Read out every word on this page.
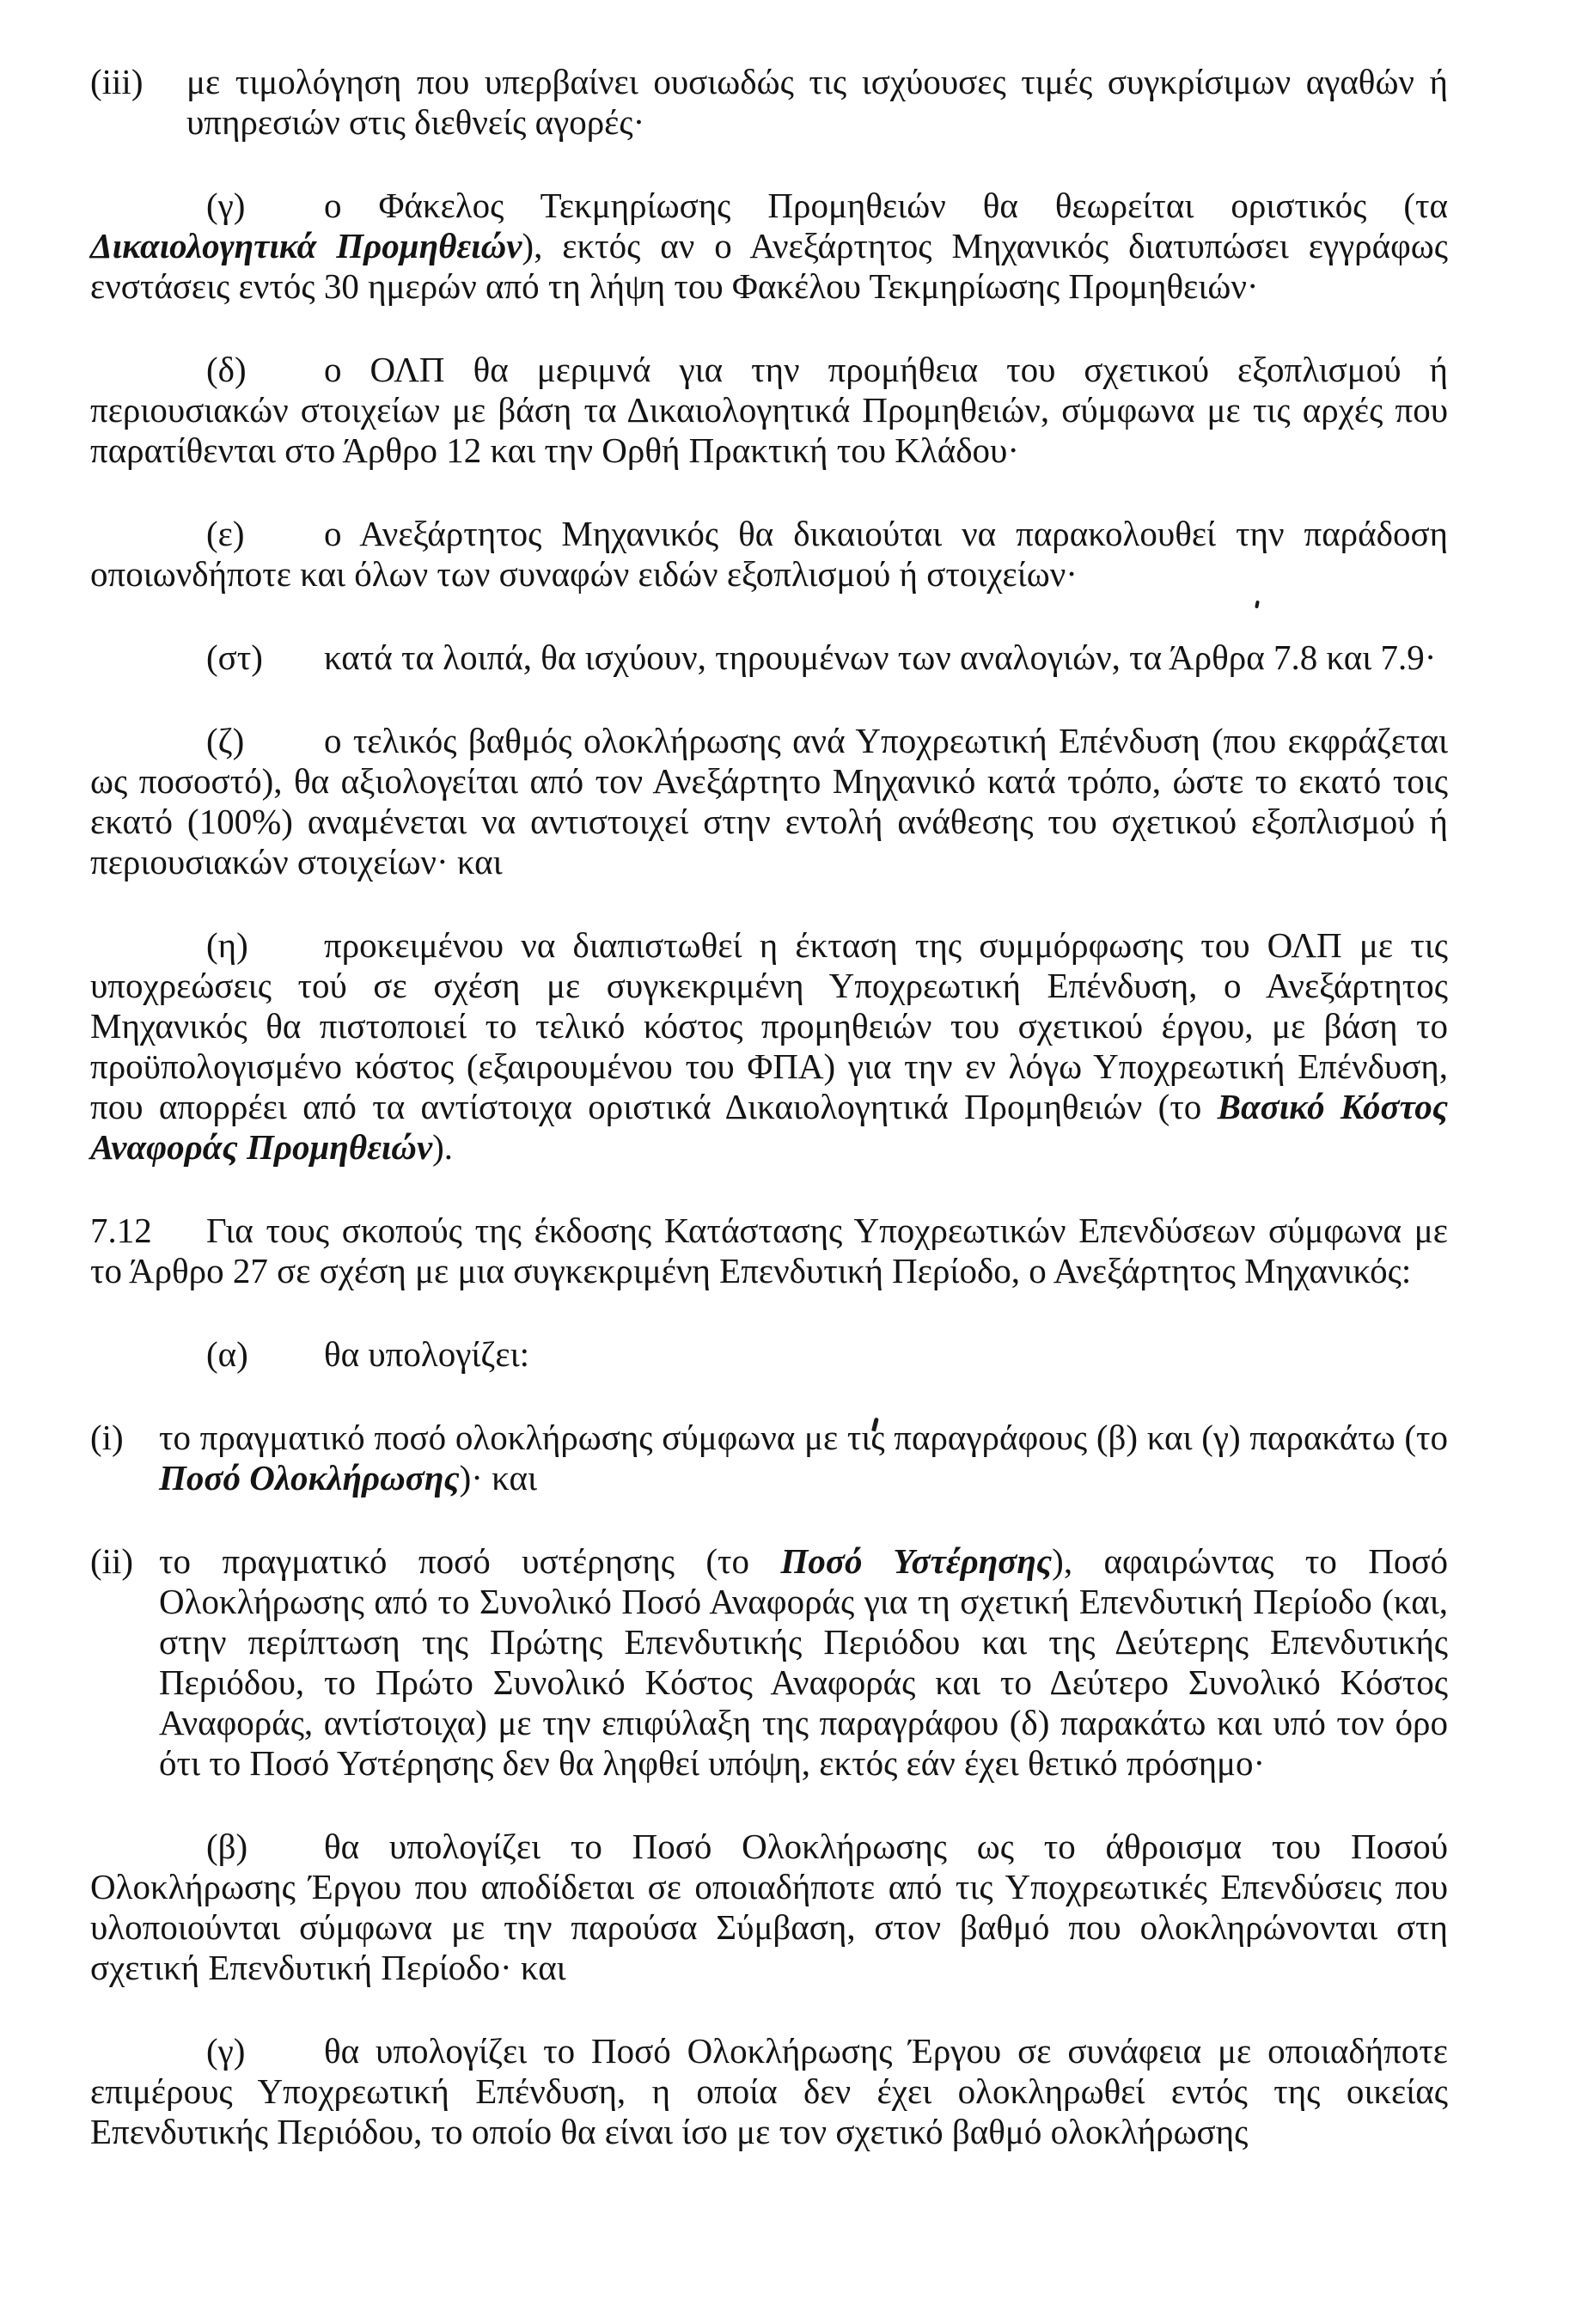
(iii) με τιμολόγηση που υπερβαίνει ουσιωδώς τις ισχύουσες τιμές συγκρίσιμων αγαθών ή υπηρεσιών στις διεθνείς αγορές·

(γ) ο Φάκελος Τεκμηρίωσης Προμηθειών θα θεωρείται οριστικός (τα Δικαιολογητικά Προμηθειών), εκτός αν ο Ανεξάρτητος Μηχανικός διατυπώσει εγγράφως ενστάσεις εντός 30 ημερών από τη λήψη του Φακέλου Τεκμηρίωσης Προμηθειών·

(δ) ο ΟΛΠ θα μεριμνά για την προμήθεια του σχετικού εξοπλισμού ή περιουσιακών στοιχείων με βάση τα Δικαιολογητικά Προμηθειών, σύμφωνα με τις αρχές που παρατίθενται στο Άρθρο 12 και την Ορθή Πρακτική του Κλάδου·

(ε) ο Ανεξάρτητος Μηχανικός θα δικαιούται να παρακολουθεί την παράδοση οποιωνδήποτε και όλων των συναφών ειδών εξοπλισμού ή στοιχείων·

(στ) κατά τα λοιπά, θα ισχύουν, τηρουμένων των αναλογιών, τα Άρθρα 7.8 και 7.9·

(ζ) ο τελικός βαθμός ολοκλήρωσης ανά Υποχρεωτική Επένδυση (που εκφράζεται ως ποσοστό), θα αξιολογείται από τον Ανεξάρτητο Μηχανικό κατά τρόπο, ώστε το εκατό τοις εκατό (100%) αναμένεται να αντιστοιχεί στην εντολή ανάθεσης του σχετικού εξοπλισμού ή περιουσιακών στοιχείων· και

(η) προκειμένου να διαπιστωθεί η έκταση της συμμόρφωσης του ΟΛΠ με τις υποχρεώσεις τού σε σχέση με συγκεκριμένη Υποχρεωτική Επένδυση, ο Ανεξάρτητος Μηχανικός θα πιστοποιεί το τελικό κόστος προμηθειών του σχετικού έργου, με βάση το προϋπολογισμένο κόστος (εξαιρουμένου του ΦΠΑ) για την εν λόγω Υποχρεωτική Επένδυση, που απορρέει από τα αντίστοιχα οριστικά Δικαιολογητικά Προμηθειών (το Βασικό Κόστος Αναφοράς Προμηθειών).

7.12 Για τους σκοπούς της έκδοσης Κατάστασης Υποχρεωτικών Επενδύσεων σύμφωνα με το Άρθρο 27 σε σχέση με μια συγκεκριμένη Επενδυτική Περίοδο, ο Ανεξάρτητος Μηχανικός:

(α) θα υπολογίζει:

(i) το πραγματικό ποσό ολοκλήρωσης σύμφωνα με τις παραγράφους (β) και (γ) παρακάτω (το Ποσό Ολοκλήρωσης)· και

(ii) το πραγματικό ποσό υστέρησης (το Ποσό Υστέρησης), αφαιρώντας το Ποσό Ολοκλήρωσης από το Συνολικό Ποσό Αναφοράς για τη σχετική Επενδυτική Περίοδο (και, στην περίπτωση της Πρώτης Επενδυτικής Περιόδου και της Δεύτερης Επενδυτικής Περιόδου, το Πρώτο Συνολικό Κόστος Αναφοράς και το Δεύτερο Συνολικό Κόστος Αναφοράς, αντίστοιχα) με την επιφύλαξη της παραγράφου (δ) παρακάτω και υπό τον όρο ότι το Ποσό Υστέρησης δεν θα ληφθεί υπόψη, εκτός εάν έχει θετικό πρόσημο·

(β) θα υπολογίζει το Ποσό Ολοκλήρωσης ως το άθροισμα του Ποσού Ολοκλήρωσης Έργου που αποδίδεται σε οποιαδήποτε από τις Υποχρεωτικές Επενδύσεις που υλοποιούνται σύμφωνα με την παρούσα Σύμβαση, στον βαθμό που ολοκληρώνονται στη σχετική Επενδυτική Περίοδο· και

(γ) θα υπολογίζει το Ποσό Ολοκλήρωσης Έργου σε συνάφεια με οποιαδήποτε επιμέρους Υποχρεωτική Επένδυση, η οποία δεν έχει ολοκληρωθεί εντός της οικείας Επενδυτικής Περιόδου, το οποίο θα είναι ίσο με τον σχετικό βαθμό ολοκλήρωσης
